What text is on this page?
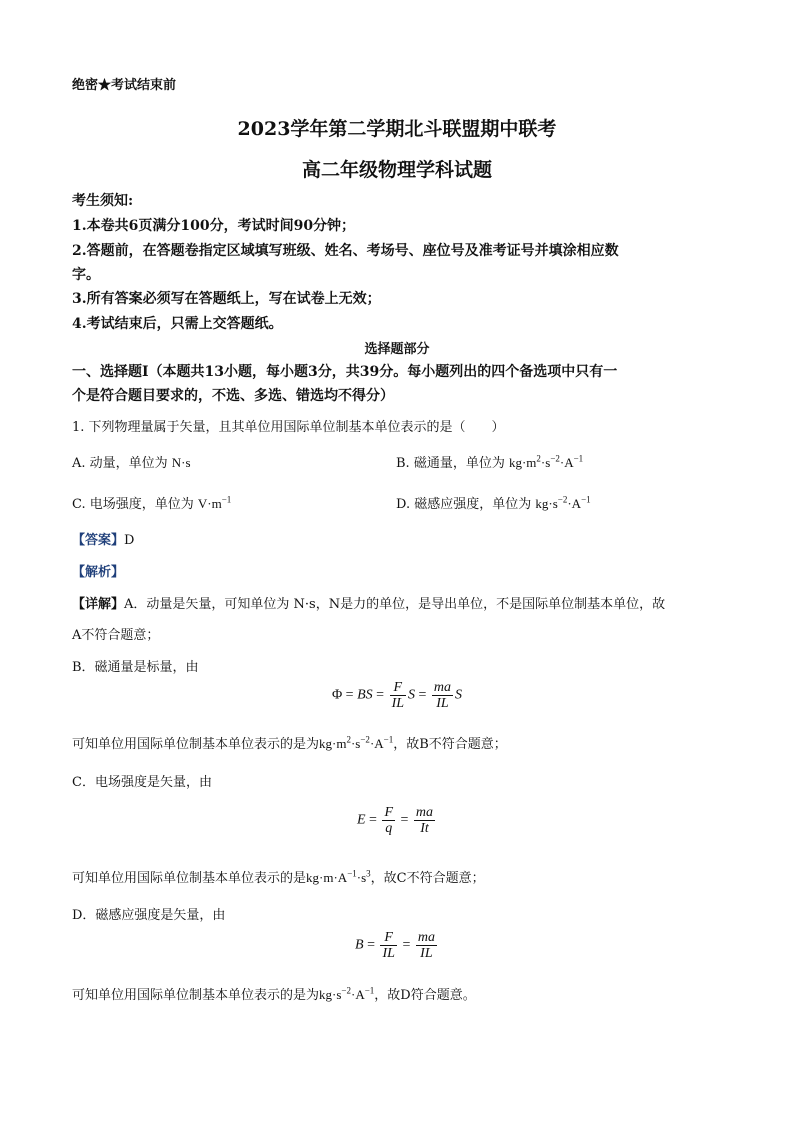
绝密★考试结束前
2023学年第二学期北斗联盟期中联考
高二年级物理学科试题
考生须知:
1.本卷共6页满分100分，考试时间90分钟；
2.答题前，在答题卷指定区域填写班级、姓名、考场号、座位号及准考证号并填涂相应数
字。
3.所有答案必须写在答题纸上，写在试卷上无效；
4.考试结束后，只需上交答题纸。
选择题部分
一、选择题Ⅰ（本题共13小题，每小题3分，共39分。每小题列出的四个备选项中只有一
个是符合题目要求的，不选、多选、错选均不得分）
1. 下列物理量属于矢量，且其单位用国际单位制基本单位表示的是（　　）
A. 动量，单位为 N·s	B. 磁通量，单位为 $kg\cdot m^2\cdot s^{-2}\cdot A^{-1}$
C. 电场强度，单位为 $V\cdot m^{-1}$	D. 磁感应强度，单位为 $kg\cdot s^{-2}\cdot A^{-1}$
【答案】D
【解析】
【详解】A．动量是矢量，可知单位为 N·s，N是力的单位，是导出单位，不是国际单位制基本单位，故
A不符合题意；
B．磁通量是标量，由
Φ = BS = $\frac{F}{IL}$ $S = \frac{ma}{IL}$ S
可知单位用国际单位制基本单位表示的是为$kg\cdot m^2\cdot s^{-2}\cdot A^{-1}$，故B不符合题意；
C．电场强度是矢量，由
$E = \frac{F}{q} = \frac{ma}{It}$
可知单位用国际单位制基本单位表示的是$kg\cdot m\cdot A^{-1}\cdot s^3$，故C不符合题意；
D．磁感应强度是矢量，由
$B = \frac{F}{IL} = \frac{ma}{IL}$
可知单位用国际单位制基本单位表示的是为$kg\cdot s^{-2}\cdot A^{-1}$，故D符合题意。
